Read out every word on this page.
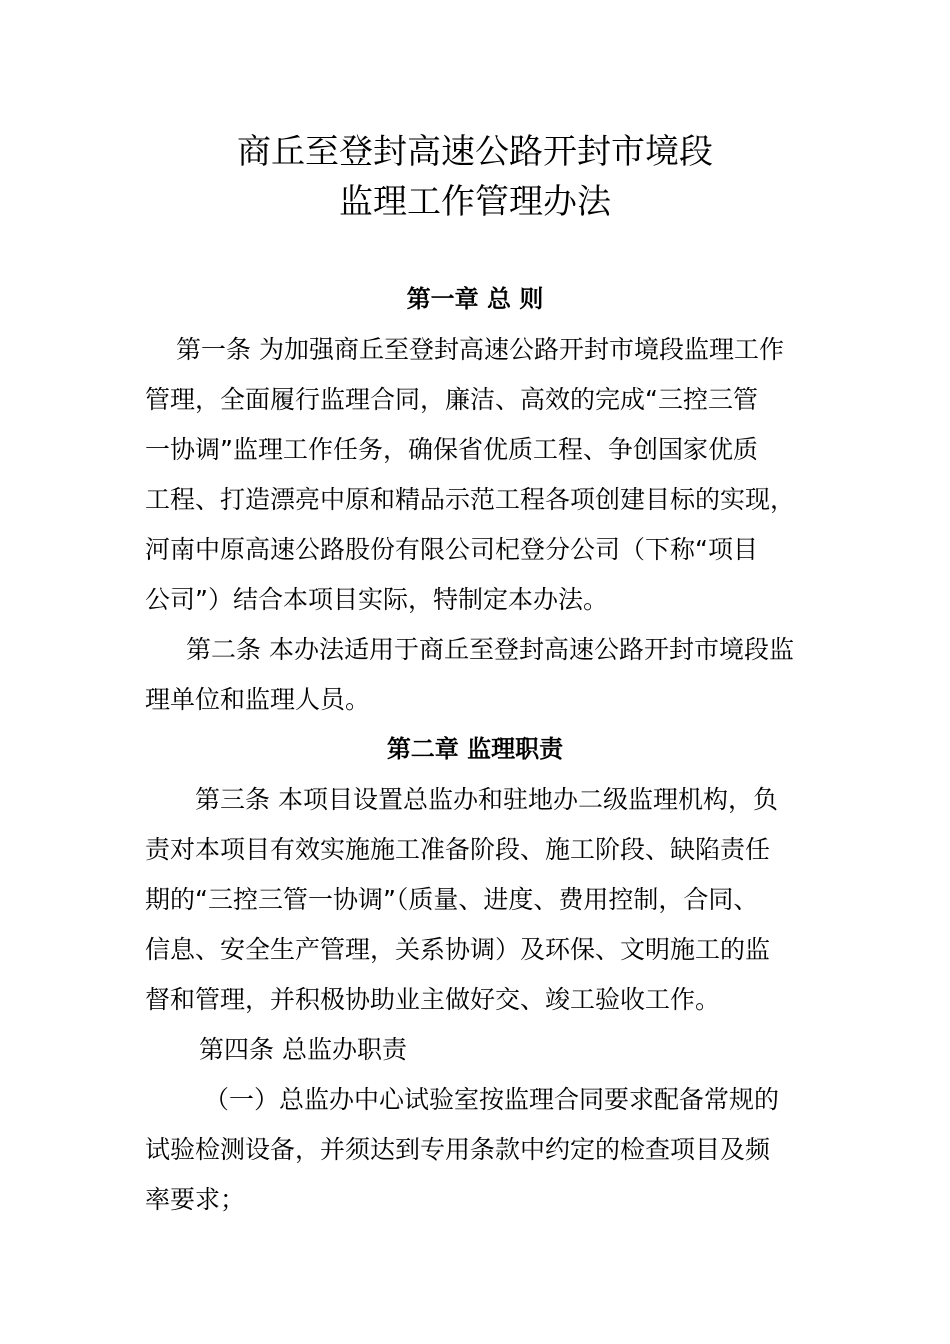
商丘至登封高速公路开封市境段
监理工作管理办法
第一章 总 则
第一条 为加强商丘至登封高速公路开封市境段监理工作
管理，全面履行监理合同，廉洁、高效的完成“三控三管
一协调”监理工作任务，确保省优质工程、争创国家优质
工程、打造漂亮中原和精品示范工程各项创建目标的实现，
河南中原高速公路股份有限公司杞登分公司（下称“项目
公司”）结合本项目实际，特制定本办法。
第二条 本办法适用于商丘至登封高速公路开封市境段监
理单位和监理人员。
第二章 监理职责
第三条 本项目设置总监办和驻地办二级监理机构，负
责对本项目有效实施施工准备阶段、施工阶段、缺陷责任
期的“三控三管一协调”（质量、进度、费用控制，合同、
信息、安全生产管理，关系协调）及环保、文明施工的监
督和管理，并积极协助业主做好交、竣工验收工作。
第四条 总监办职责
（一）总监办中心试验室按监理合同要求配备常规的
试验检测设备，并须达到专用条款中约定的检查项目及频
率要求；
